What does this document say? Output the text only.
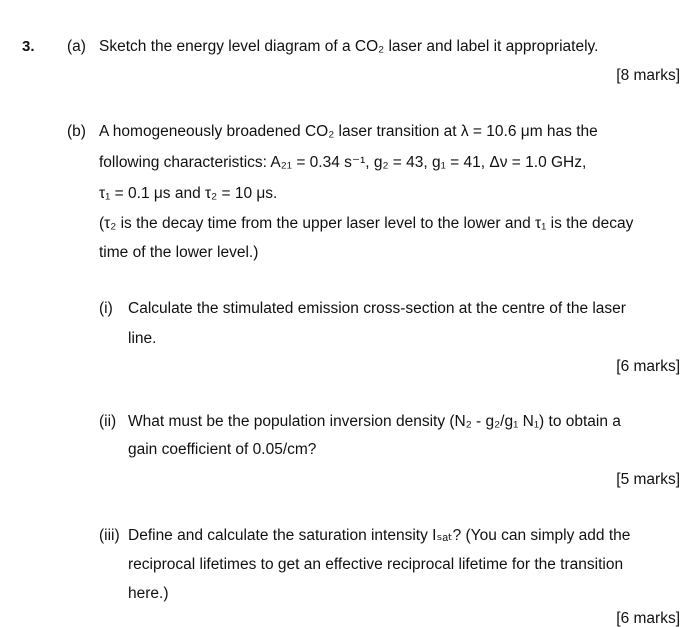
3. (a) Sketch the energy level diagram of a CO₂ laser and label it appropriately.
[8 marks]
(b) A homogeneously broadened CO₂ laser transition at λ = 10.6 μm has the
following characteristics: A₂₁ = 0.34 s⁻¹, g₂ = 43, g₁ = 41, Δν = 1.0 GHz,
τ₁ = 0.1 μs and τ₂ = 10 μs.
(τ₂ is the decay time from the upper laser level to the lower and τ₁ is the decay
time of the lower level.)
(i) Calculate the stimulated emission cross-section at the centre of the laser
line.
[6 marks]
(ii) What must be the population inversion density (N₂ - g₂/g₁ N₁) to obtain a
gain coefficient of 0.05/cm?
[5 marks]
(iii) Define and calculate the saturation intensity Iₛₐₜ? (You can simply add the
reciprocal lifetimes to get an effective reciprocal lifetime for the transition
here.)
[6 marks]
